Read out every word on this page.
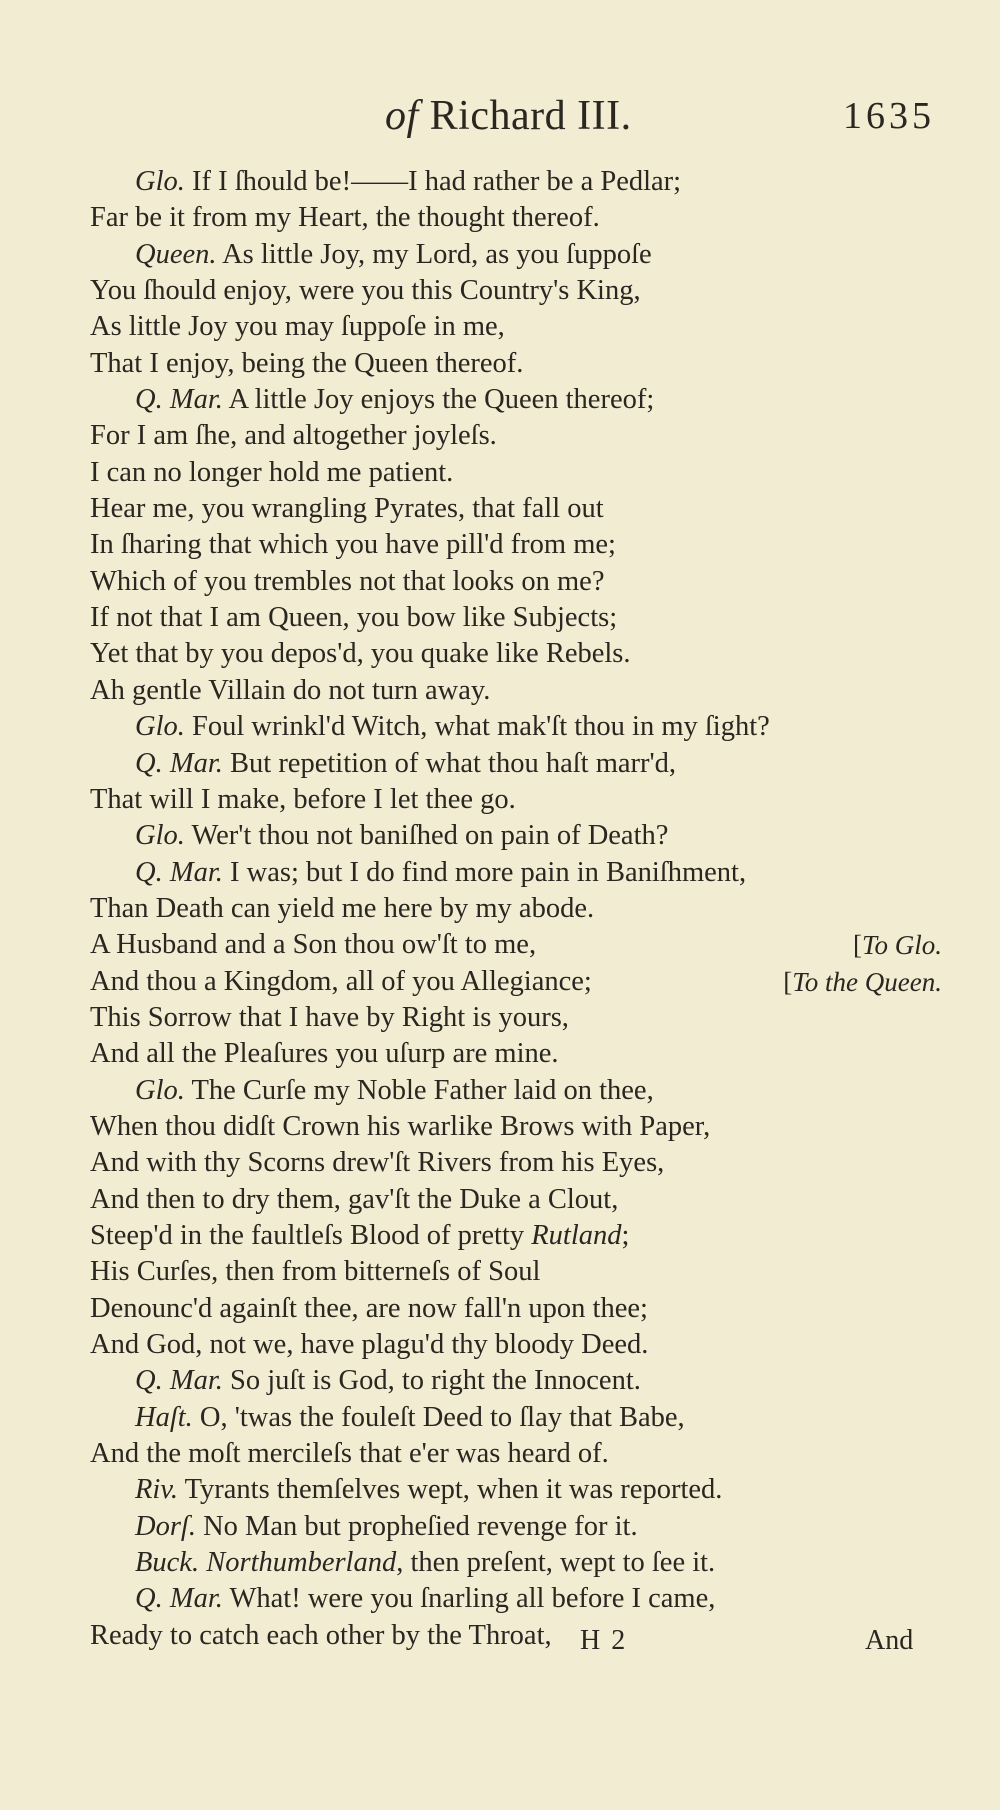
of Richard III.	1635
Glo. If I ſhould be!——I had rather be a Pedlar;
Far be it from my Heart, the thought thereof.
Queen. As little Joy, my Lord, as you ſuppoſe
You ſhould enjoy, were you this Country's King,
As little Joy you may ſuppoſe in me,
That I enjoy, being the Queen thereof.
Q. Mar. A little Joy enjoys the Queen thereof;
For I am ſhe, and altogether joyleſs.
I can no longer hold me patient.
Hear me, you wrangling Pyrates, that fall out
In ſharing that which you have pill'd from me;
Which of you trembles not that looks on me?
If not that I am Queen, you bow like Subjects;
Yet that by you depos'd, you quake like Rebels.
Ah gentle Villain do not turn away.
Glo. Foul wrinkl'd Witch, what mak'ſt thou in my ſight?
Q. Mar. But repetition of what thou haſt marr'd,
That will I make, before I let thee go.
Glo. Wer't thou not baniſhed on pain of Death?
Q. Mar. I was; but I do find more pain in Baniſhment,
Than Death can yield me here by my abode.
A Husband and a Son thou ow'ſt to me,	[To Glo.
And thou a Kingdom, all of you Allegiance;	[To the Queen.
This Sorrow that I have by Right is yours,
And all the Pleaſures you uſurp are mine.
Glo. The Curſe my Noble Father laid on thee,
When thou didſt Crown his warlike Brows with Paper,
And with thy Scorns drew'ſt Rivers from his Eyes,
And then to dry them, gav'ſt the Duke a Clout,
Steep'd in the faultleſs Blood of pretty Rutland;
His Curſes, then from bitterneſs of Soul
Denounc'd againſt thee, are now fall'n upon thee;
And God, not we, have plagu'd thy bloody Deed.
Q. Mar. So juſt is God, to right the Innocent.
Haſt. O, 'twas the fouleſt Deed to ſlay that Babe,
And the moſt mercileſs that e'er was heard of.
Riv. Tyrants themſelves wept, when it was reported.
Dorſ. No Man but propheſied revenge for it.
Buck. Northumberland, then preſent, wept to ſee it.
Q. Mar. What! were you ſnarling all before I came,
Ready to catch each other by the Throat,	H 2	And
